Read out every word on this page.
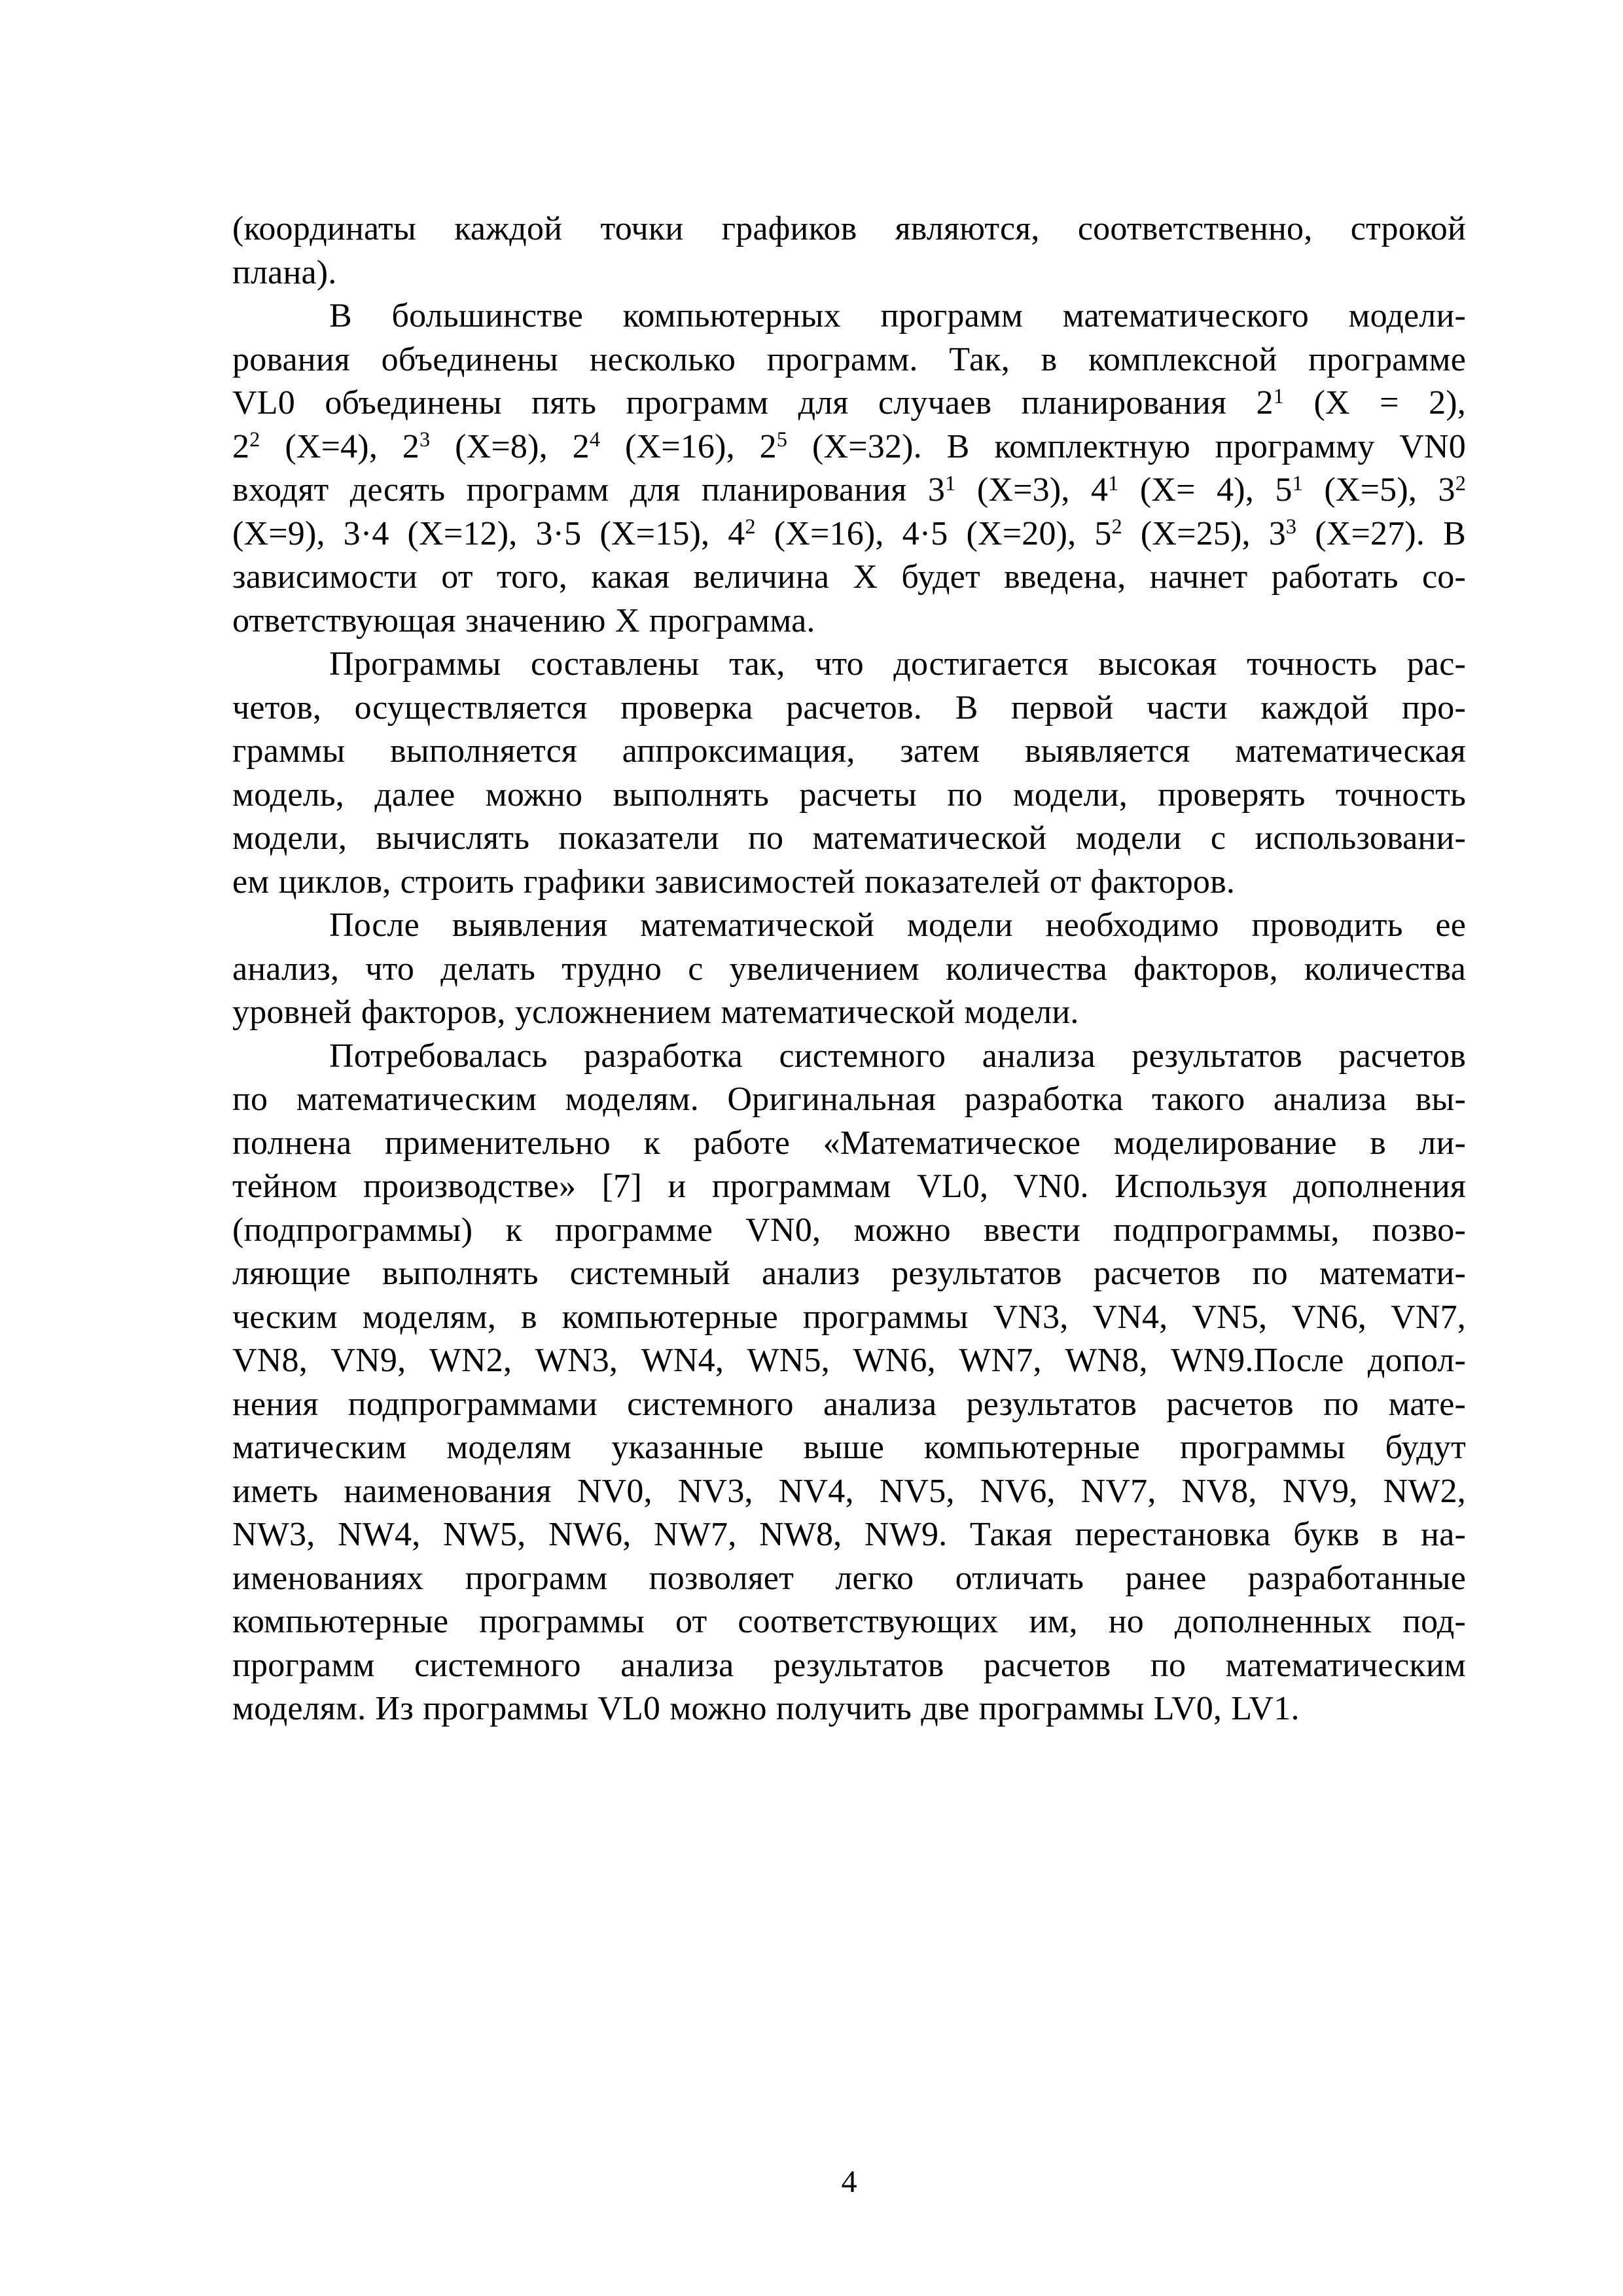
(координаты каждой точки графиков являются, соответственно, строкой
плана).
В большинстве компьютерных программ математического модели-
рования объединены несколько программ. Так, в комплексной программе
VL0 объединены пять программ для случаев планирования $2^1$ (X = 2),
$2^2$ (X=4), $2^3$ (X=8), $2^4$ (X=16), $2^5$ (X=32). В комплектную программу VN0
входят десять программ для планирования $3^1$ (X=3), $4^1$ (X= 4), $5^1$ (X=5), $3^2$
(X=9), 3·4 (X=12), 3·5 (X=15), $4^2$ (X=16), 4·5 (X=20), $5^2$ (X=25), $3^3$ (X=27). В
зависимости от того, какая величина X будет введена, начнет работать со-
ответствующая значению X программа.
Программы составлены так, что достигается высокая точность рас-
четов, осуществляется проверка расчетов. В первой части каждой про-
граммы выполняется аппроксимация, затем выявляется математическая
модель, далее можно выполнять расчеты по модели, проверять точность
модели, вычислять показатели по математической модели с использовани-
ем циклов, строить графики зависимостей показателей от факторов.
После выявления математической модели необходимо проводить ее
анализ, что делать трудно с увеличением количества факторов, количества
уровней факторов, усложнением математической модели.
Потребовалась разработка системного анализа результатов расчетов
по математическим моделям. Оригинальная разработка такого анализа вы-
полнена применительно к работе «Математическое моделирование в ли-
тейном производстве» [7] и программам VL0, VN0. Используя дополнения
(подпрограммы) к программе VN0, можно ввести подпрограммы, позво-
ляющие выполнять системный анализ результатов расчетов по математи-
ческим моделям, в компьютерные программы VN3, VN4, VN5, VN6, VN7,
VN8, VN9, WN2, WN3, WN4, WN5, WN6, WN7, WN8, WN9.После допол-
нения подпрограммами системного анализа результатов расчетов по мате-
матическим моделям указанные выше компьютерные программы будут
иметь наименования NV0, NV3, NV4, NV5, NV6, NV7, NV8, NV9, NW2,
NW3, NW4, NW5, NW6, NW7, NW8, NW9. Такая перестановка букв в на-
именованиях программ позволяет легко отличать ранее разработанные
компьютерные программы от соответствующих им, но дополненных под-
программ системного анализа результатов расчетов по математическим
моделям. Из программы VL0 можно получить две программы LV0, LV1.
4
